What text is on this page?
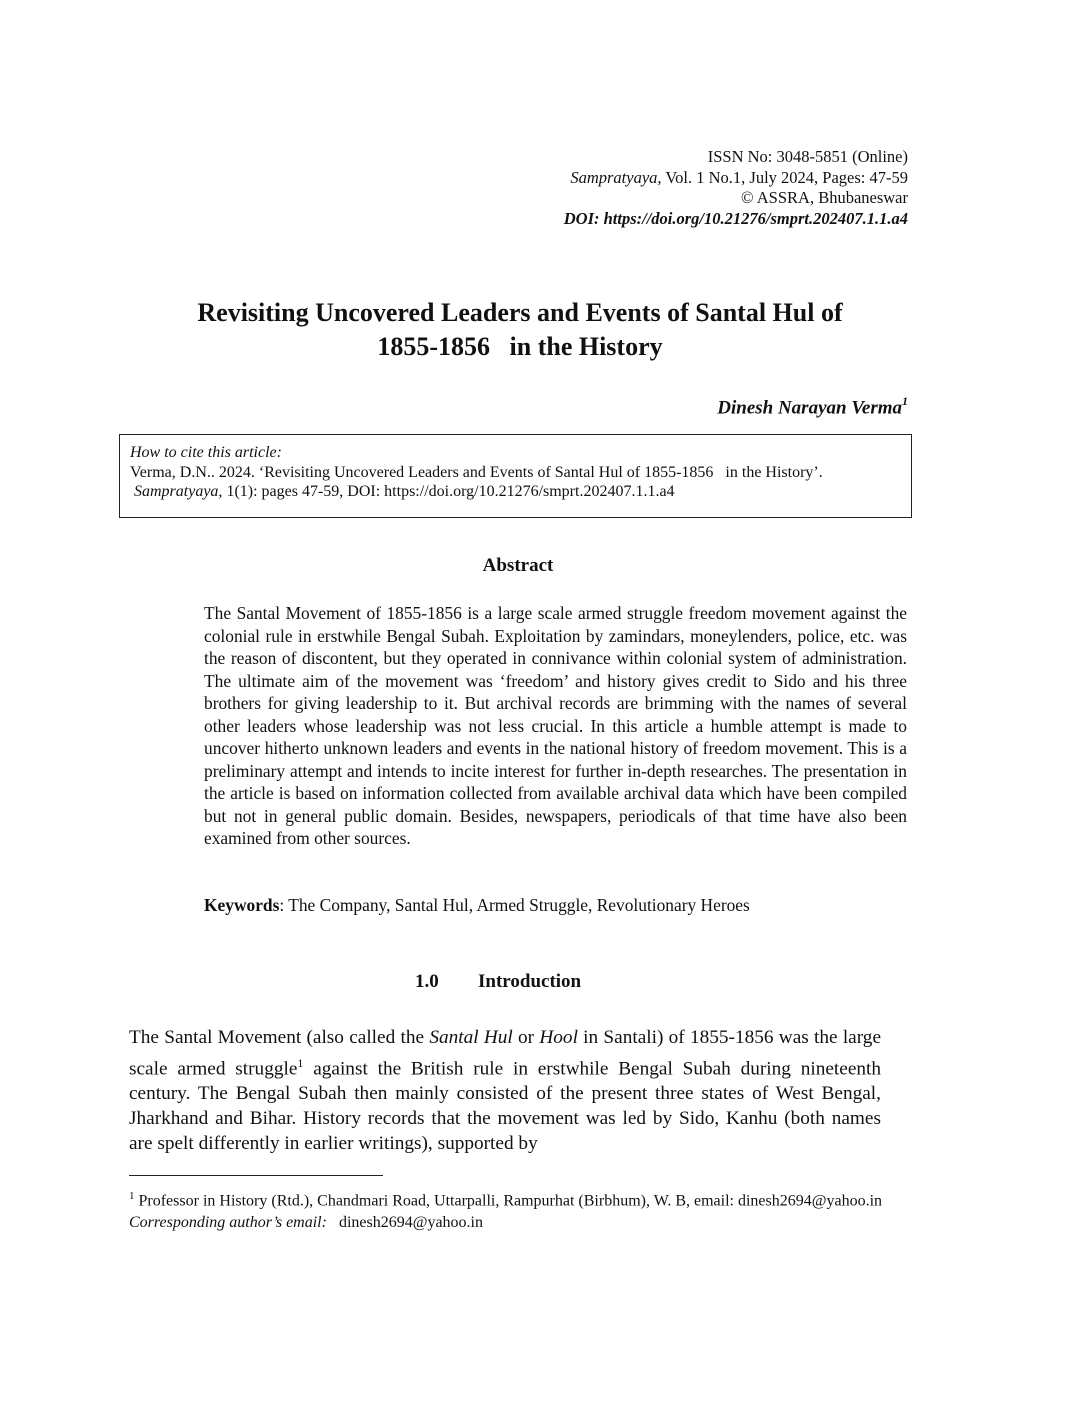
ISSN No: 3048-5851 (Online)
Sampratyaya, Vol. 1 No.1, July 2024, Pages: 47-59
© ASSRA, Bhubaneswar
DOI: https://doi.org/10.21276/smprt.202407.1.1.a4
Revisiting Uncovered Leaders and Events of Santal Hul of
1855-1856   in the History
Dinesh Narayan Verma$^1$
How to cite this article:
Verma, D.N.. 2024. ‘Revisiting Uncovered Leaders and Events of Santal Hul of 1855-1856   in the History’.
Sampratyaya, 1(1): pages 47-59, DOI: https://doi.org/10.21276/smprt.202407.1.1.a4
Abstract
The Santal Movement of 1855-1856 is a large scale armed struggle freedom movement against the colonial rule in erstwhile Bengal Subah. Exploitation by zamindars, moneylenders, police, etc. was the reason of discontent, but they operated in connivance within colonial system of administration. The ultimate aim of the movement was ‘freedom’ and history gives credit to Sido and his three brothers for giving leadership to it. But archival records are brimming with the names of several other leaders whose leadership was not less crucial. In this article a humble attempt is made to uncover hitherto unknown leaders and events in the national history of freedom movement. This is a preliminary attempt and intends to incite interest for further in-depth researches. The presentation in the article is based on information collected from available archival data which have been compiled but not in general public domain. Besides, newspapers, periodicals of that time have also been examined from other sources.
Keywords: The Company, Santal Hul, Armed Struggle, Revolutionary Heroes
1.0 Introduction
The Santal Movement (also called the Santal Hul or Hool in Santali) of 1855-1856 was the large scale armed struggle$^1$ against the British rule in erstwhile Bengal Subah during nineteenth century. The Bengal Subah then mainly consisted of the present three states of West Bengal, Jharkhand and Bihar. History records that the movement was led by Sido, Kanhu (both names are spelt differently in earlier writings), supported by
$^1$ Professor in History (Rtd.), Chandmari Road, Uttarpalli, Rampurhat (Birbhum), W. B, email: dinesh2694@yahoo.in
Corresponding author’s email:   dinesh2694@yahoo.in
